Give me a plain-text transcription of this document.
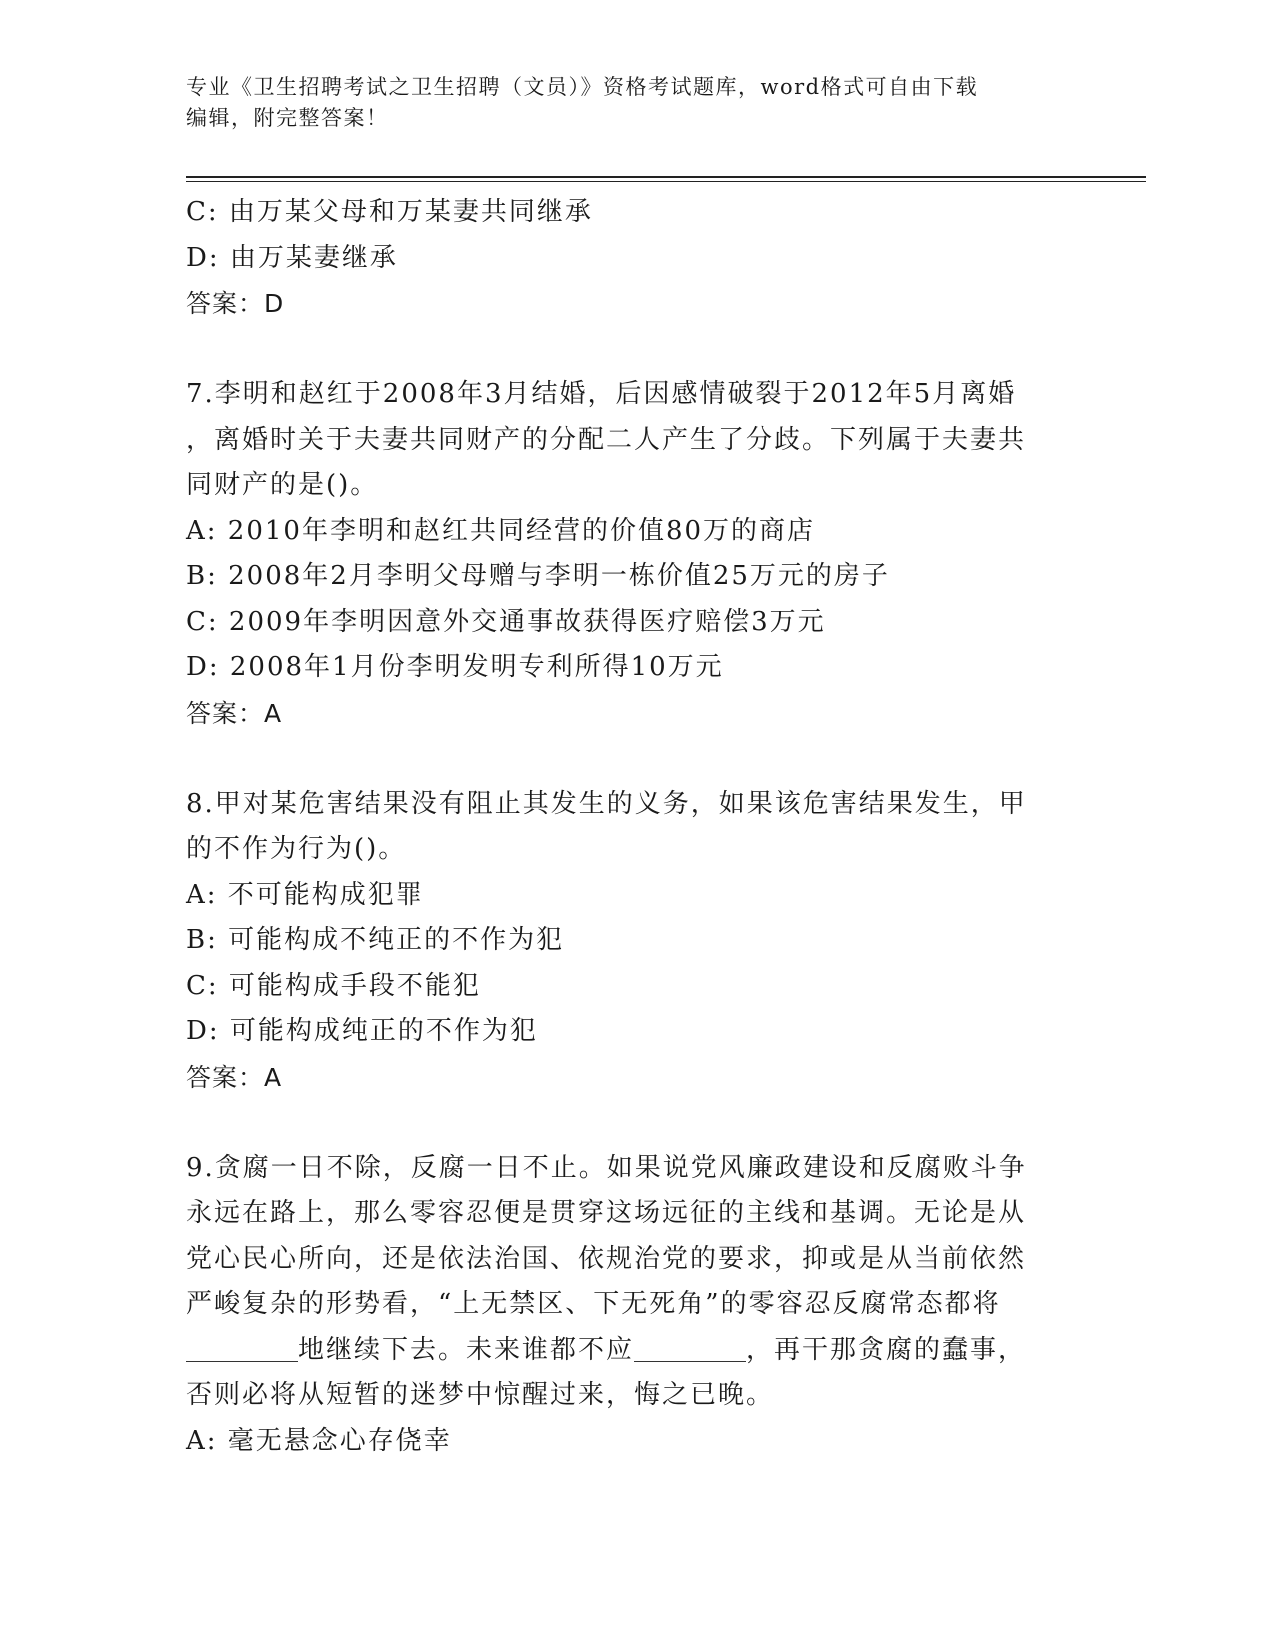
专业《卫生招聘考试之卫生招聘（文员）》资格考试题库，word格式可自由下载
编辑，附完整答案！
C: 由万某父母和万某妻共同继承
D: 由万某妻继承
答案：D
7.李明和赵红于2008年3月结婚，后因感情破裂于2012年5月离婚
，离婚时关于夫妻共同财产的分配二人产生了分歧。下列属于夫妻共
同财产的是()。
A: 2010年李明和赵红共同经营的价值80万的商店
B: 2008年2月李明父母赠与李明一栋价值25万元的房子
C: 2009年李明因意外交通事故获得医疗赔偿3万元
D: 2008年1月份李明发明专利所得10万元
答案：A
8.甲对某危害结果没有阻止其发生的义务，如果该危害结果发生，甲
的不作为行为()。
A: 不可能构成犯罪
B: 可能构成不纯正的不作为犯
C: 可能构成手段不能犯
D: 可能构成纯正的不作为犯
答案：A
9.贪腐一日不除，反腐一日不止。如果说党风廉政建设和反腐败斗争
永远在路上，那么零容忍便是贯穿这场远征的主线和基调。无论是从
党心民心所向，还是依法治国、依规治党的要求，抑或是从当前依然
严峻复杂的形势看，“上无禁区、下无死角”的零容忍反腐常态都将
地继续下去。未来谁都不应	，再干那贪腐的蠢事，
否则必将从短暂的迷梦中惊醒过来，悔之已晚。
A: 毫无悬念心存侥幸
